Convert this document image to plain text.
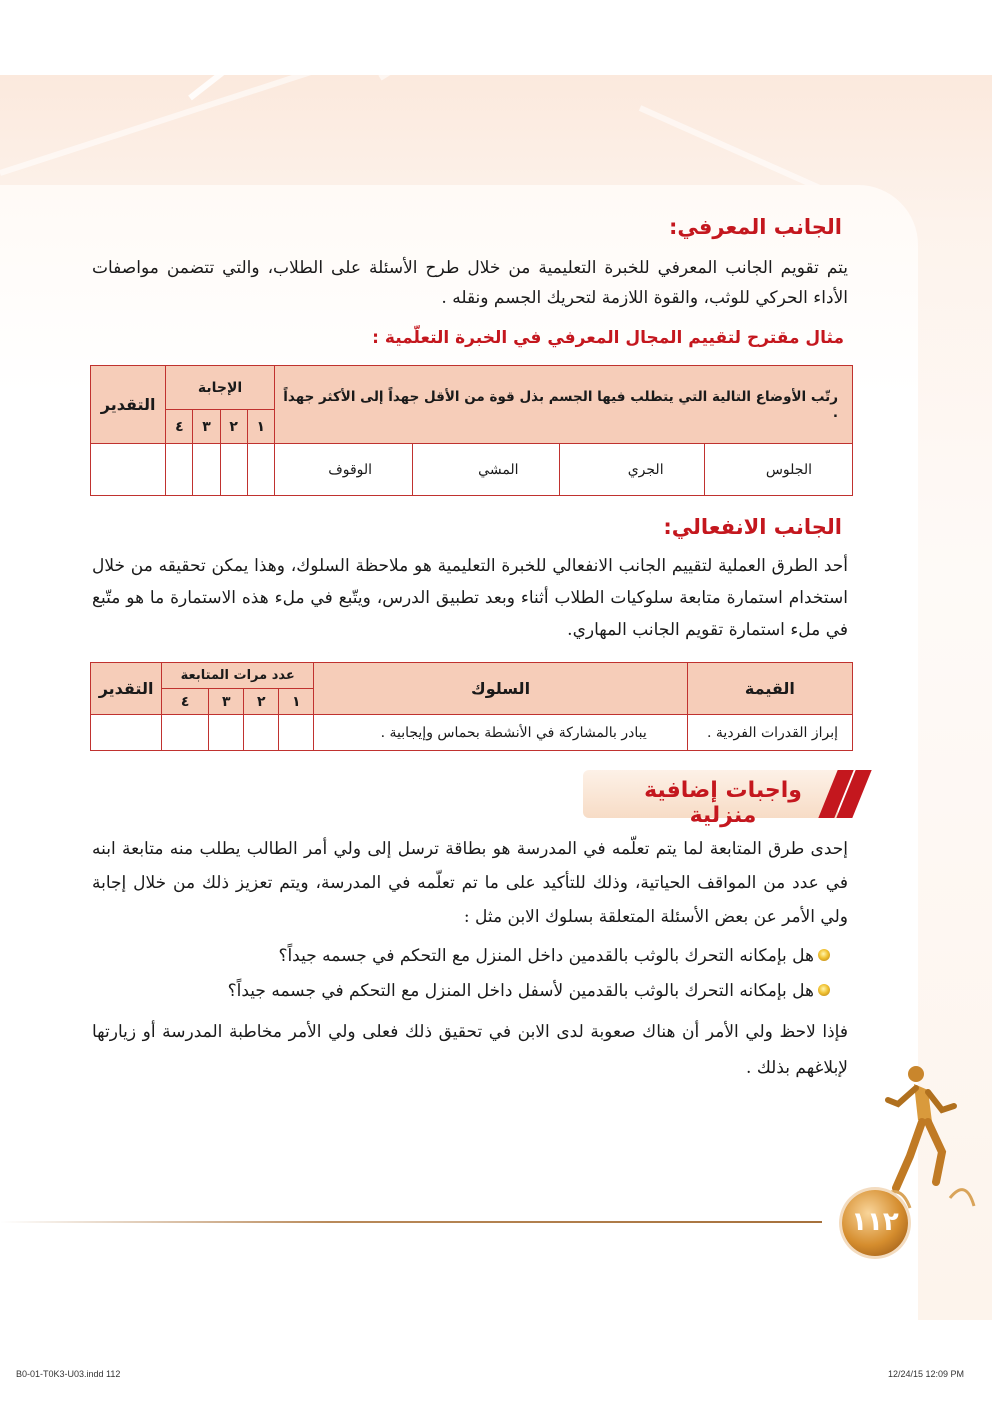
الجانب المعرفي:
يتم تقويم الجانب المعرفي للخبرة التعليمية من خلال طرح الأسئلة على الطلاب، والتي تتضمن مواصفات الأداء الحركي للوثب، والقوة اللازمة لتحريك الجسم ونقله .
مثال مقترح لتقييم المجال المعرفي في الخبرة التعلّمية :
رتّب الأوضاع التالية التي يتطلب فيها الجسم بذل قوة من الأقل جهداً إلى الأكثر جهداً .				الإجابة				التقدير
				١	٢	٣	٤	
الجلوس	الجري	المشي	الوقوف					
الجانب الانفعالي:
أحد الطرق العملية لتقييم الجانب الانفعالي للخبرة التعليمية هو ملاحظة السلوك، وهذا يمكن تحقيقه من خلال استخدام استمارة متابعة سلوكيات الطلاب أثناء وبعد تطبيق الدرس، ويتّبع في ملء هذه الاستمارة ما هو متّبع في ملء استمارة تقويم الجانب المهاري.
القيمة	السلوك	عدد مرات المتابعة				التقدير
		١	٢	٣	٤	
إبراز القدرات الفردية .	يبادر بالمشاركة في الأنشطة بحماس وإيجابية .					
واجبات إضافية منزلية
إحدى طرق المتابعة لما يتم تعلّمه في المدرسة هو بطاقة ترسل إلى ولي أمر الطالب يطلب منه متابعة ابنه في عدد من المواقف الحياتية، وذلك للتأكيد على ما تم تعلّمه في المدرسة، ويتم تعزيز ذلك من خلال إجابة ولي الأمر عن بعض الأسئلة المتعلقة بسلوك الابن مثل :
هل بإمكانه التحرك بالوثب بالقدمين داخل المنزل مع التحكم في جسمه جيداً؟
هل بإمكانه التحرك بالوثب بالقدمين لأسفل داخل المنزل مع التحكم في جسمه جيداً؟
فإذا لاحظ ولي الأمر أن هناك صعوبة لدى الابن في تحقيق ذلك فعلى ولي الأمر مخاطبة المدرسة أو زيارتها لإبلاغهم بذلك .
١١٢
B0-01-T0K3-U03.indd 112	12/24/15 12:09 PM
